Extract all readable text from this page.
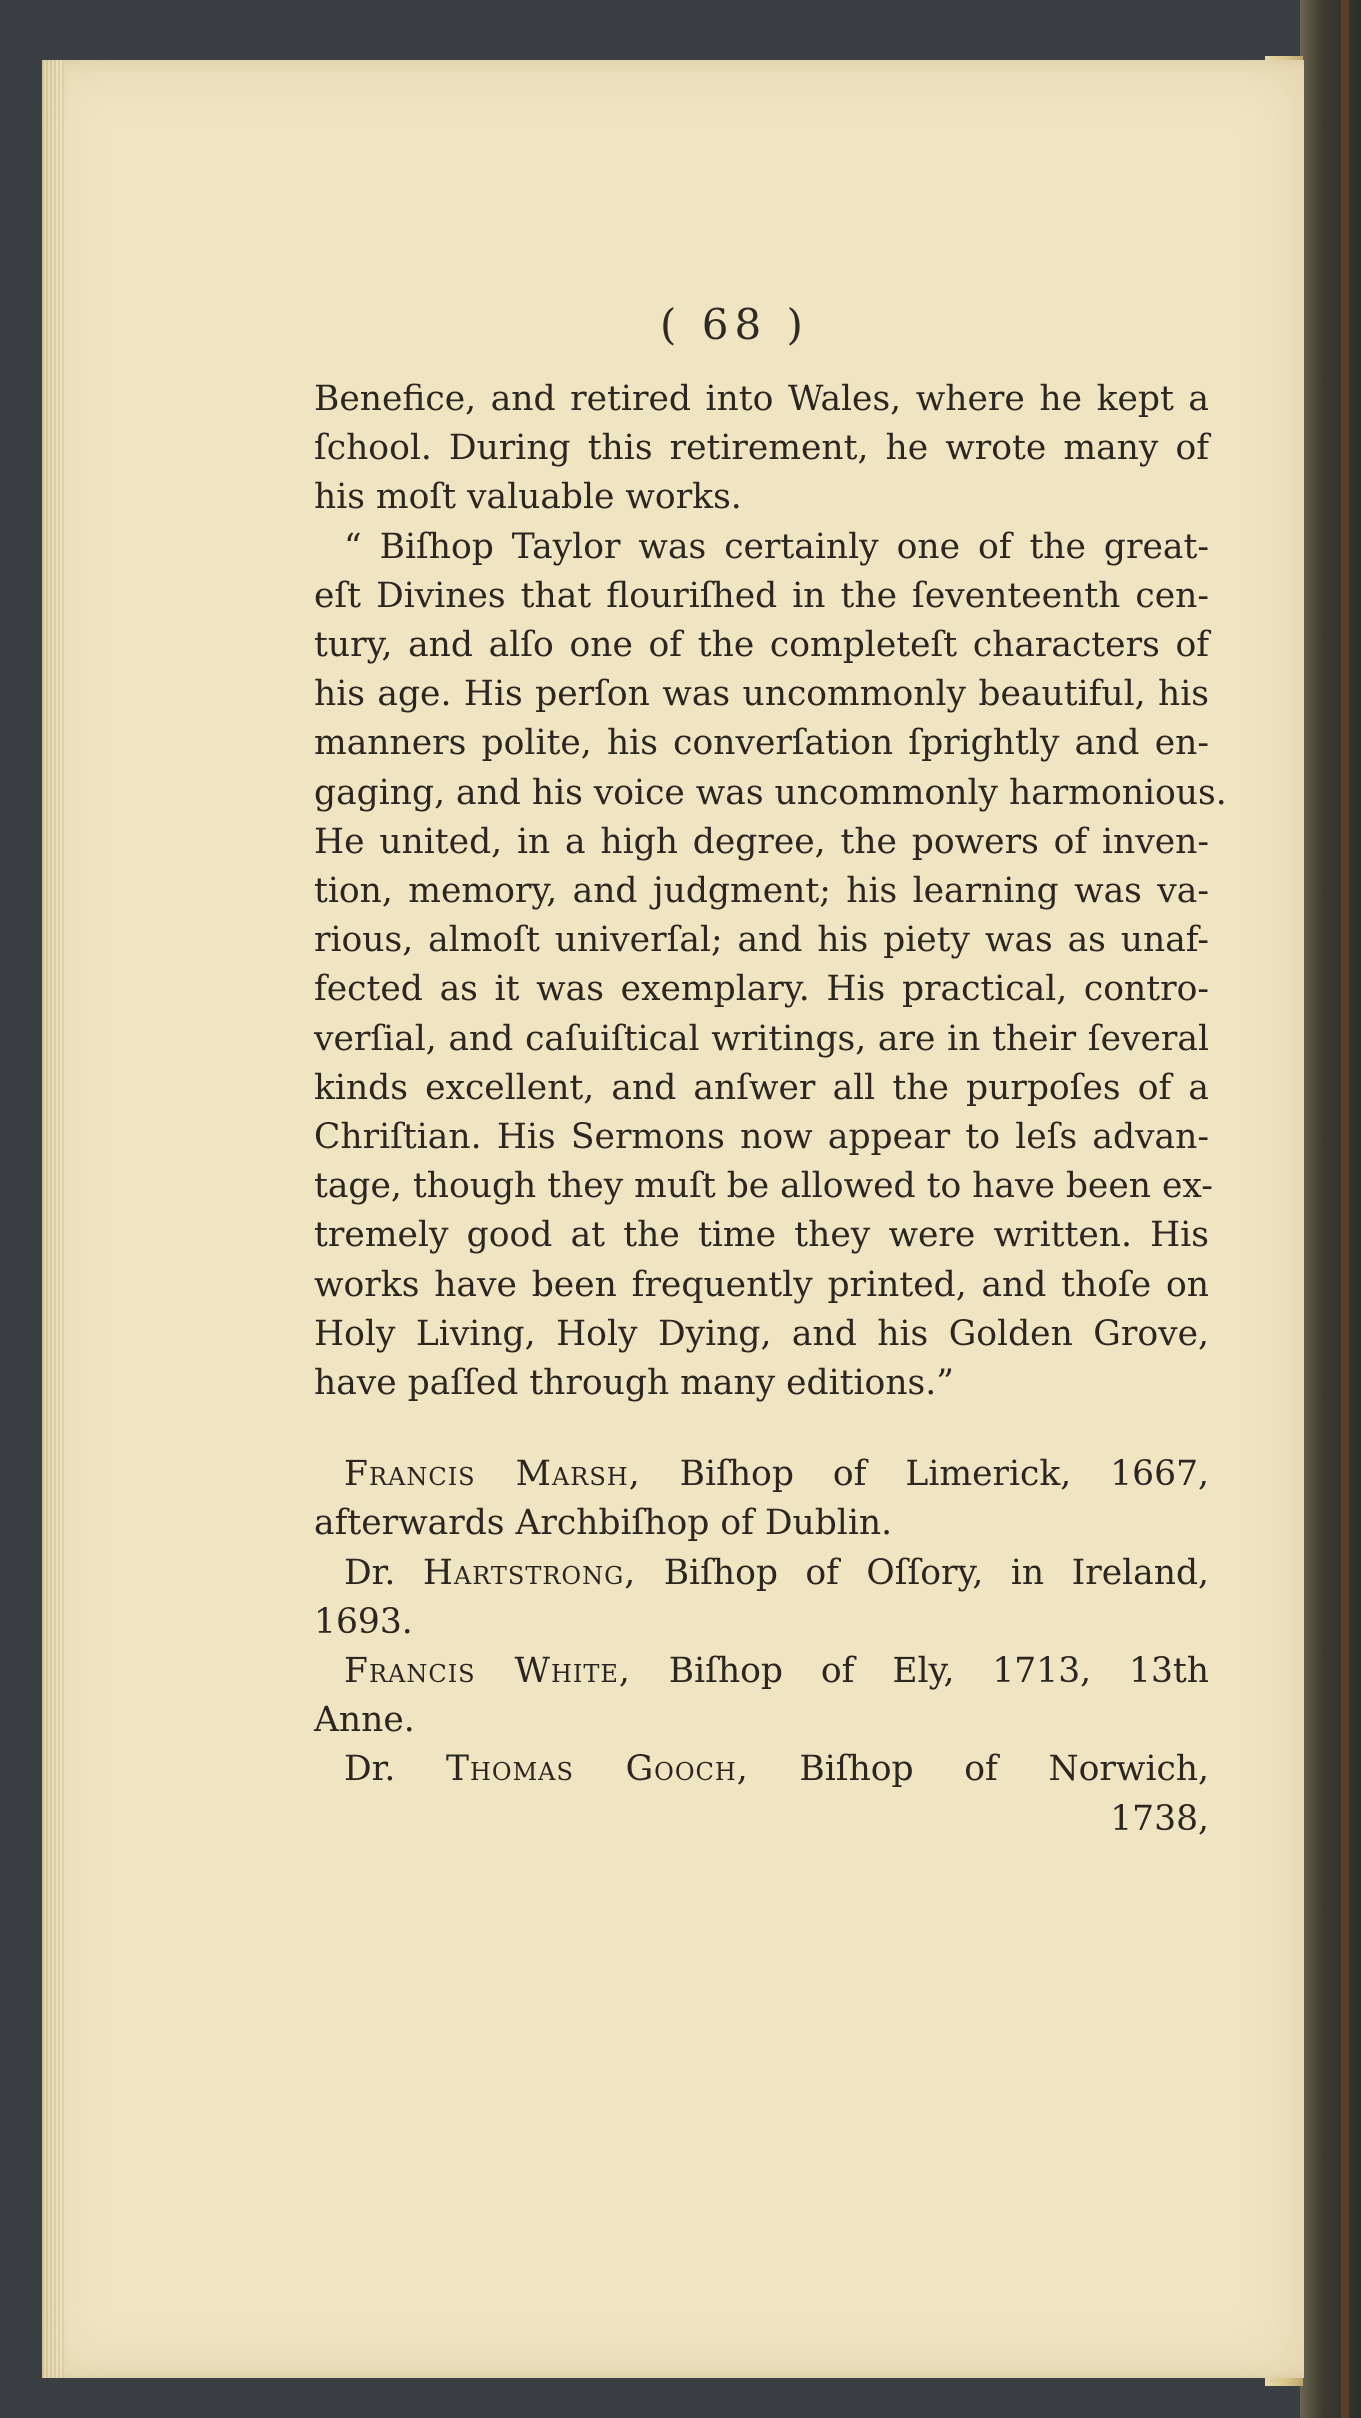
( 68 )
Benefice, and retired into Wales, where he kept a
ſchool. During this retirement, he wrote many of
his moſt valuable works.
“ Biſhop Taylor was certainly one of the great-
eſt Divines that flouriſhed in the ſeventeenth cen-
tury, and alſo one of the completeſt characters of
his age. His perſon was uncommonly beautiful, his
manners polite, his converſation ſprightly and en-
gaging, and his voice was uncommonly harmonious.
He united, in a high degree, the powers of inven-
tion, memory, and judgment; his learning was va-
rious, almoſt univerſal; and his piety was as unaf-
fected as it was exemplary. His practical, contro-
verſial, and caſuiſtical writings, are in their ſeveral
kinds excellent, and anſwer all the purpoſes of a
Chriſtian. His Sermons now appear to leſs advan-
tage, though they muſt be allowed to have been ex-
tremely good at the time they were written. His
works have been frequently printed, and thoſe on
Holy Living, Holy Dying, and his Golden Grove,
have paſſed through many editions.”
Francis Marsh, Biſhop of Limerick, 1667,
afterwards Archbiſhop of Dublin.
Dr. Hartstrong, Biſhop of Oſſory, in Ireland,
1693.
Francis White, Biſhop of Ely, 1713, 13th
Anne.
Dr. Thomas Gooch, Biſhop of Norwich,
1738,
